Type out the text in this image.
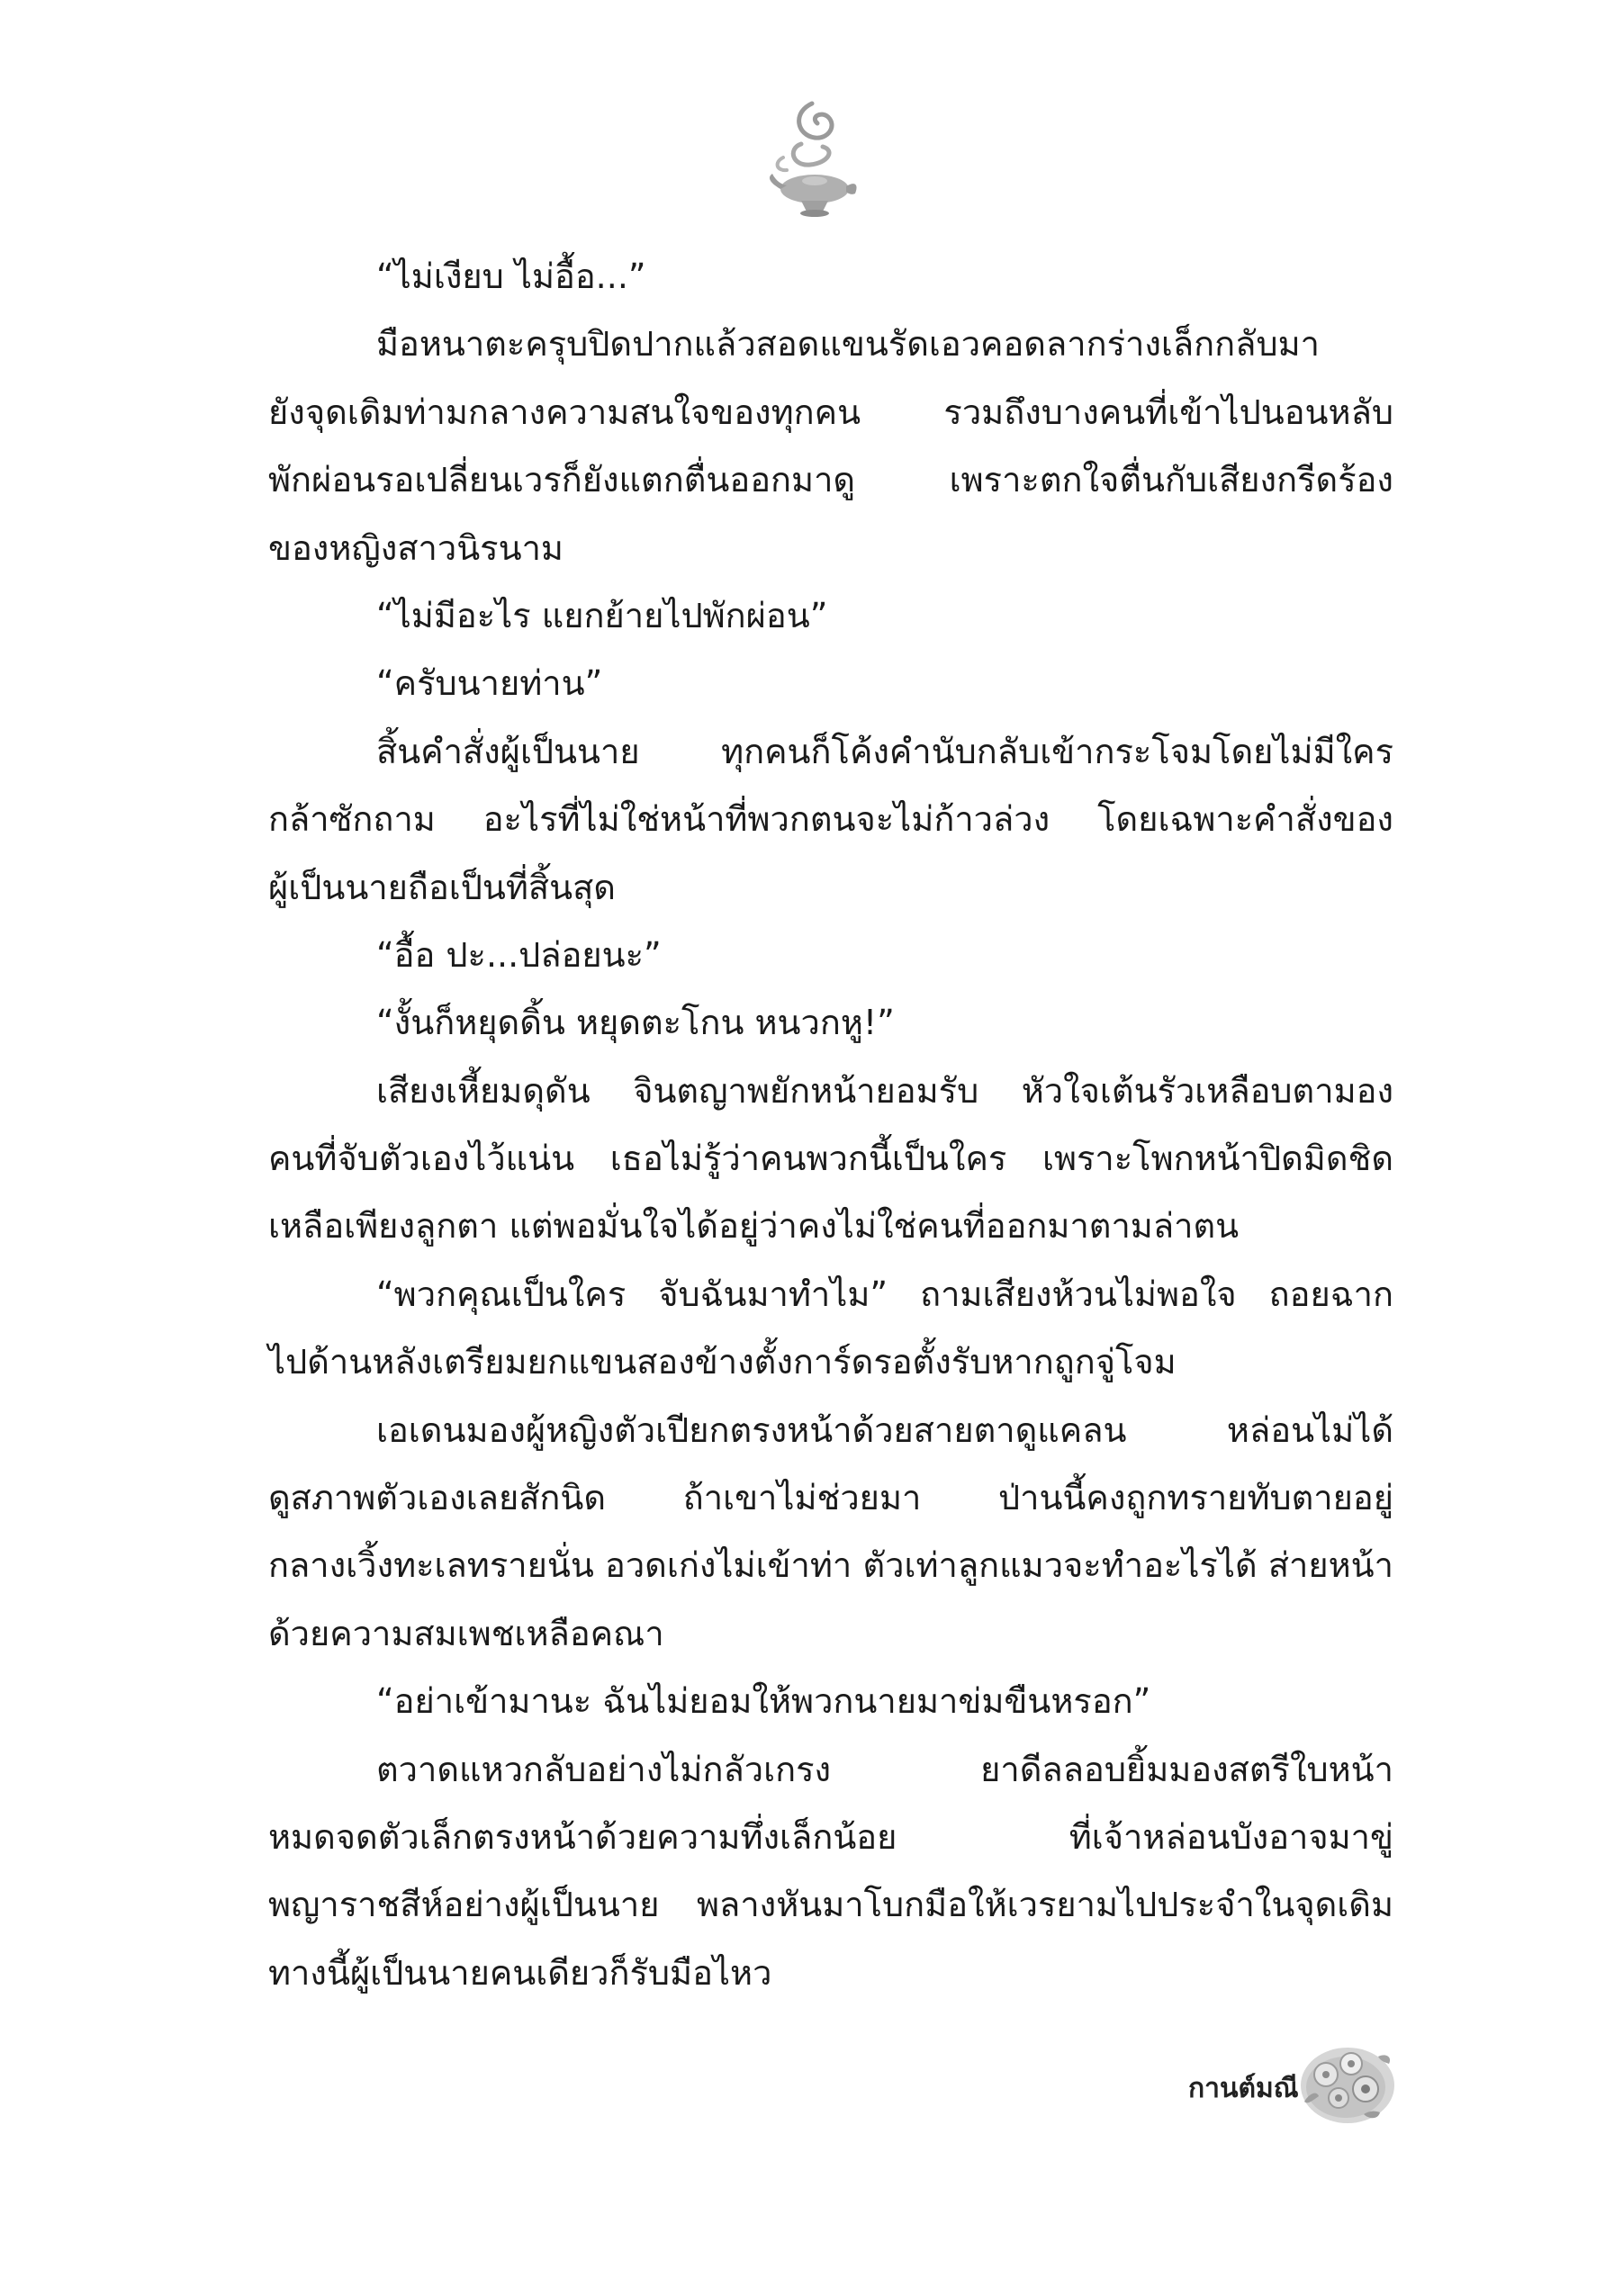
“ไม่เงียบ ไม่อื้อ...”
มือหนาตะครุบปิดปากแล้วสอดแขนรัดเอวคอดลากร่างเล็กกลับมา
ยังจุดเดิมท่ามกลางความสนใจของทุกคน รวมถึงบางคนที่เข้าไปนอนหลับ
พักผ่อนรอเปลี่ยนเวรก็ยังแตกตื่นออกมาดู เพราะตกใจตื่นกับเสียงกรีดร้อง
ของหญิงสาวนิรนาม
“ไม่มีอะไร แยกย้ายไปพักผ่อน”
“ครับนายท่าน”
สิ้นคำสั่งผู้เป็นนาย ทุกคนก็โค้งคำนับกลับเข้ากระโจมโดยไม่มีใคร
กล้าซักถาม อะไรที่ไม่ใช่หน้าที่พวกตนจะไม่ก้าวล่วง โดยเฉพาะคำสั่งของ
ผู้เป็นนายถือเป็นที่สิ้นสุด
“อื้อ ปะ...ปล่อยนะ”
“งั้นก็หยุดดิ้น หยุดตะโกน หนวกหู!”
เสียงเหี้ยมดุดัน จินตญาพยักหน้ายอมรับ หัวใจเต้นรัวเหลือบตามอง
คนที่จับตัวเองไว้แน่น เธอไม่รู้ว่าคนพวกนี้เป็นใคร เพราะโพกหน้าปิดมิดชิด
เหลือเพียงลูกตา แต่พอมั่นใจได้อยู่ว่าคงไม่ใช่คนที่ออกมาตามล่าตน
“พวกคุณเป็นใคร จับฉันมาทำไม” ถามเสียงห้วนไม่พอใจ ถอยฉาก
ไปด้านหลังเตรียมยกแขนสองข้างตั้งการ์ดรอตั้งรับหากถูกจู่โจม
เอเดนมองผู้หญิงตัวเปียกตรงหน้าด้วยสายตาดูแคลน หล่อนไม่ได้
ดูสภาพตัวเองเลยสักนิด ถ้าเขาไม่ช่วยมา ป่านนี้คงถูกทรายทับตายอยู่
กลางเวิ้งทะเลทรายนั่น อวดเก่งไม่เข้าท่า ตัวเท่าลูกแมวจะทำอะไรได้ ส่ายหน้า
ด้วยความสมเพชเหลือคณา
“อย่าเข้ามานะ ฉันไม่ยอมให้พวกนายมาข่มขืนหรอก”
ตวาดแหวกลับอย่างไม่กลัวเกรง ยาดีลลอบยิ้มมองสตรีใบหน้า
หมดจดตัวเล็กตรงหน้าด้วยความทึ่งเล็กน้อย ที่เจ้าหล่อนบังอาจมาขู่
พญาราชสีห์อย่างผู้เป็นนาย พลางหันมาโบกมือให้เวรยามไปประจำในจุดเดิม
ทางนี้ผู้เป็นนายคนเดียวก็รับมือไหว
กานต์มณี
